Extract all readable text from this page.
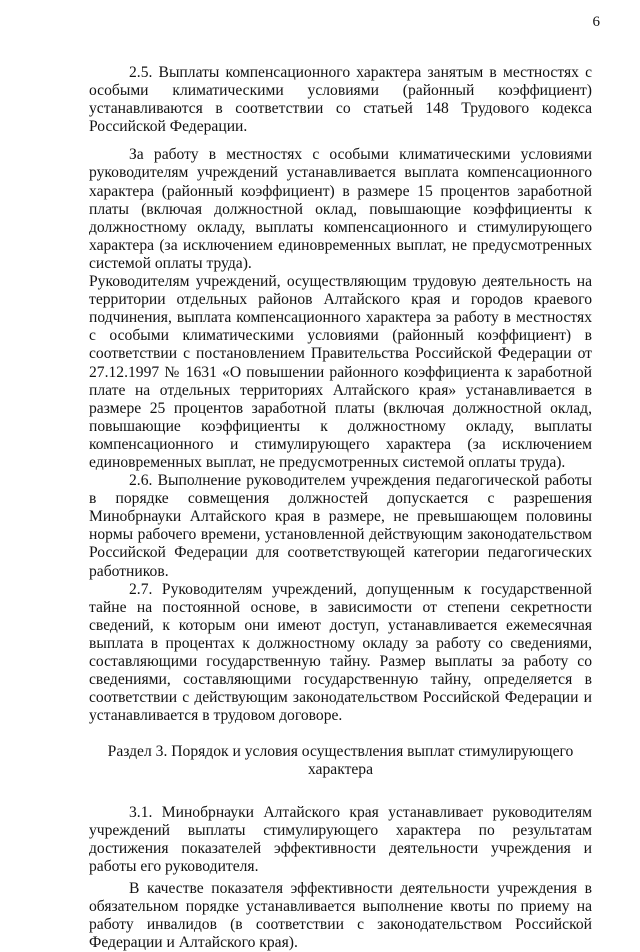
6

2.5. Выплаты компенсационного характера занятым в местностях с особыми климатическими условиями (районный коэффициент) устанавливаются в соответствии со статьей 148 Трудового кодекса Российской Федерации.

За работу в местностях с особыми климатическими условиями руководителям учреждений устанавливается выплата компенсационного характера (районный коэффициент) в размере 15 процентов заработной платы (включая должностной оклад, повышающие коэффициенты к должностному окладу, выплаты компенсационного и стимулирующего характера (за исключением единовременных выплат, не предусмотренных системой оплаты труда).

Руководителям учреждений, осуществляющим трудовую деятельность на территории отдельных районов Алтайского края и городов краевого подчинения, выплата компенсационного характера за работу в местностях с особыми климатическими условиями (районный коэффициент) в соответствии с постановлением Правительства Российской Федерации от 27.12.1997 № 1631 «О повышении районного коэффициента к заработной плате на отдельных территориях Алтайского края» устанавливается в размере 25 процентов заработной платы (включая должностной оклад, повышающие коэффициенты к должностному окладу, выплаты компенсационного и стимулирующего характера (за исключением единовременных выплат, не предусмотренных системой оплаты труда).

2.6. Выполнение руководителем учреждения педагогической работы в порядке совмещения должностей допускается с разрешения Минобрнауки Алтайского края в размере, не превышающем половины нормы рабочего времени, установленной действующим законодательством Российской Федерации для соответствующей категории педагогических работников.

2.7. Руководителям учреждений, допущенным к государственной тайне на постоянной основе, в зависимости от степени секретности сведений, к которым они имеют доступ, устанавливается ежемесячная выплата в процентах к должностному окладу за работу со сведениями, составляющими государственную тайну. Размер выплаты за работу со сведениями, составляющими государственную тайну, определяется в соответствии с действующим законодательством Российской Федерации и устанавливается в трудовом договоре.

Раздел 3. Порядок и условия осуществления выплат стимулирующего характера

3.1. Минобрнауки Алтайского края устанавливает руководителям учреждений выплаты стимулирующего характера по результатам достижения показателей эффективности деятельности учреждения и работы его руководителя.

В качестве показателя эффективности деятельности учреждения в обязательном порядке устанавливается выполнение квоты по приему на работу инвалидов (в соответствии с законодательством Российской Федерации и Алтайского края).
